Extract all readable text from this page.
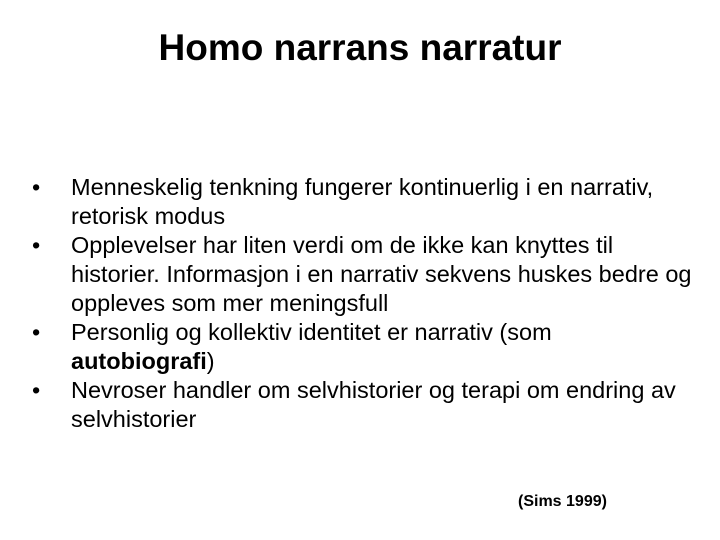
Homo narrans narratur
•	Menneskelig tenkning fungerer kontinuerlig i en narrativ, retorisk modus
•	Opplevelser har liten verdi om de ikke kan knyttes til historier. Informasjon i en narrativ sekvens huskes bedre og oppleves som mer meningsfull
•	Personlig og kollektiv identitet er narrativ (som autobiografi)
•	Nevroser handler om selvhistorier og terapi om endring av selvhistorier
(Sims 1999)
